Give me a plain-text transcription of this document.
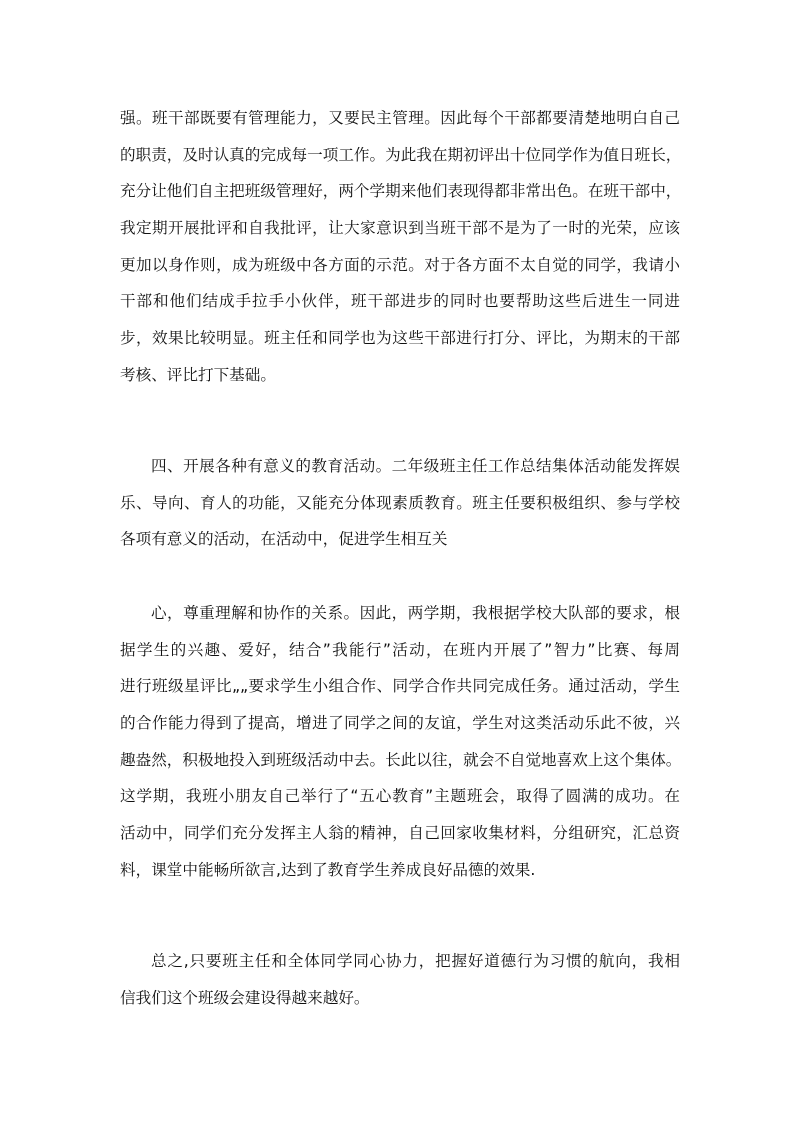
强。班干部既要有管理能力，又要民主管理。因此每个干部都要清楚地明白自己
的职责，及时认真的完成每一项工作。为此我在期初评出十位同学作为值日班长，
充分让他们自主把班级管理好，两个学期来他们表现得都非常出色。在班干部中，
我定期开展批评和自我批评，让大家意识到当班干部不是为了一时的光荣，应该
更加以身作则，成为班级中各方面的示范。对于各方面不太自觉的同学，我请小
干部和他们结成手拉手小伙伴，班干部进步的同时也要帮助这些后进生一同进
步，效果比较明显。班主任和同学也为这些干部进行打分、评比，为期末的干部
考核、评比打下基础。
四、开展各种有意义的教育活动。二年级班主任工作总结集体活动能发挥娱
乐、导向、育人的功能，又能充分体现素质教育。班主任要积极组织、参与学校
各项有意义的活动，在活动中，促进学生相互关
心，尊重理解和协作的关系。因此，两学期，我根据学校大队部的要求，根
据学生的兴趣、爱好，结合”我能行”活动，在班内开展了”智力”比赛、每周
进行班级星评比„„要求学生小组合作、同学合作共同完成任务。通过活动，学生
的合作能力得到了提高，增进了同学之间的友谊，学生对这类活动乐此不彼，兴
趣盎然，积极地投入到班级活动中去。长此以往，就会不自觉地喜欢上这个集体。
这学期，我班小朋友自己举行了“五心教育”主题班会，取得了圆满的成功。在
活动中，同学们充分发挥主人翁的精神，自己回家收集材料，分组研究，汇总资
料，课堂中能畅所欲言,达到了教育学生养成良好品德的效果.
总之,只要班主任和全体同学同心协力，把握好道德行为习惯的航向，我相
信我们这个班级会建设得越来越好。
